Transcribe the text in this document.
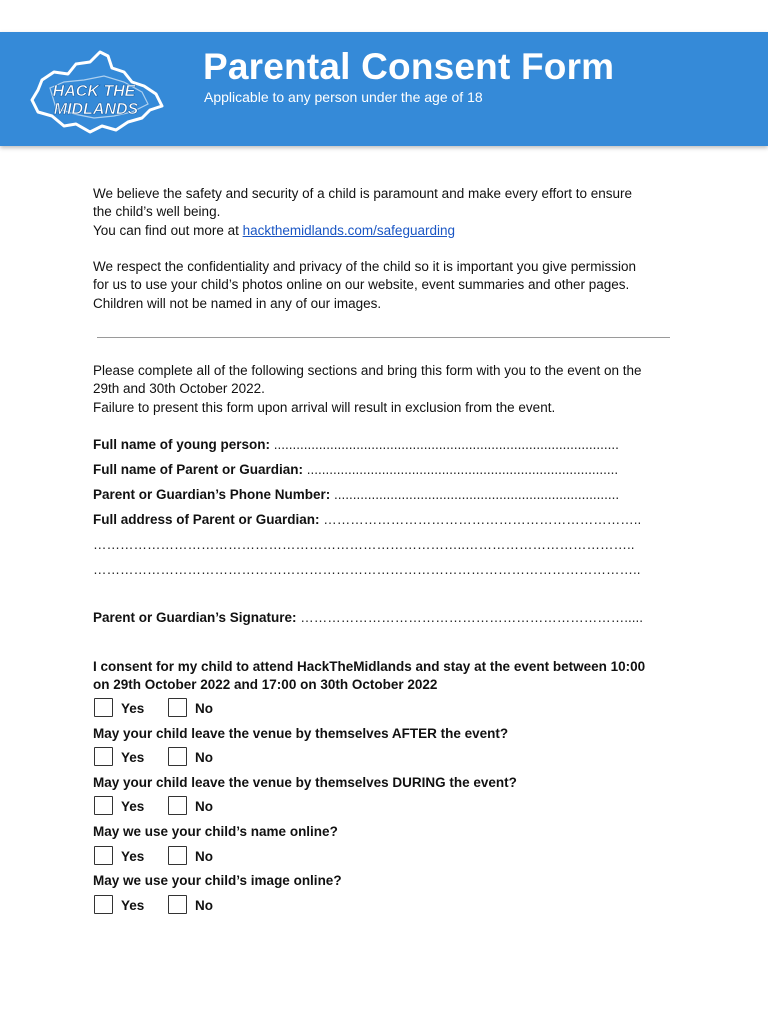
HACK THE
MIDLANDS
Parental Consent Form
Applicable to any person under the age of 18
We believe the safety and security of a child is paramount and make every effort to ensure
the child’s well being.
You can find out more at hackthemidlands.com/safeguarding
We respect the confidentiality and privacy of the child so it is important you give permission
for us to use your child’s photos online on our website, event summaries and other pages.
Children will not be named in any of our images.
Please complete all of the following sections and bring this form with you to the event on the
29th and 30th October 2022.
Failure to present this form upon arrival will result in exclusion from the event.
Full name of young person: ............................................................................................
Full name of Parent or Guardian: ...................................................................................
Parent or Guardian’s Phone Number: ............................................................................
Full address of Parent or Guardian: ……………………………………………………………..
………………………………………………………………………..………………………………..
…………………………………………………………………………………………………………..
Parent or Guardian’s Signature: ……………………………………………………………….....
I consent for my child to attend HackTheMidlands and stay at the event between 10:00
on 29th October 2022 and 17:00 on 30th October 2022
Yes	No
May your child leave the venue by themselves AFTER the event?
Yes	No
May your child leave the venue by themselves DURING the event?
Yes	No
May we use your child’s name online?
Yes	No
May we use your child’s image online?
Yes	No
